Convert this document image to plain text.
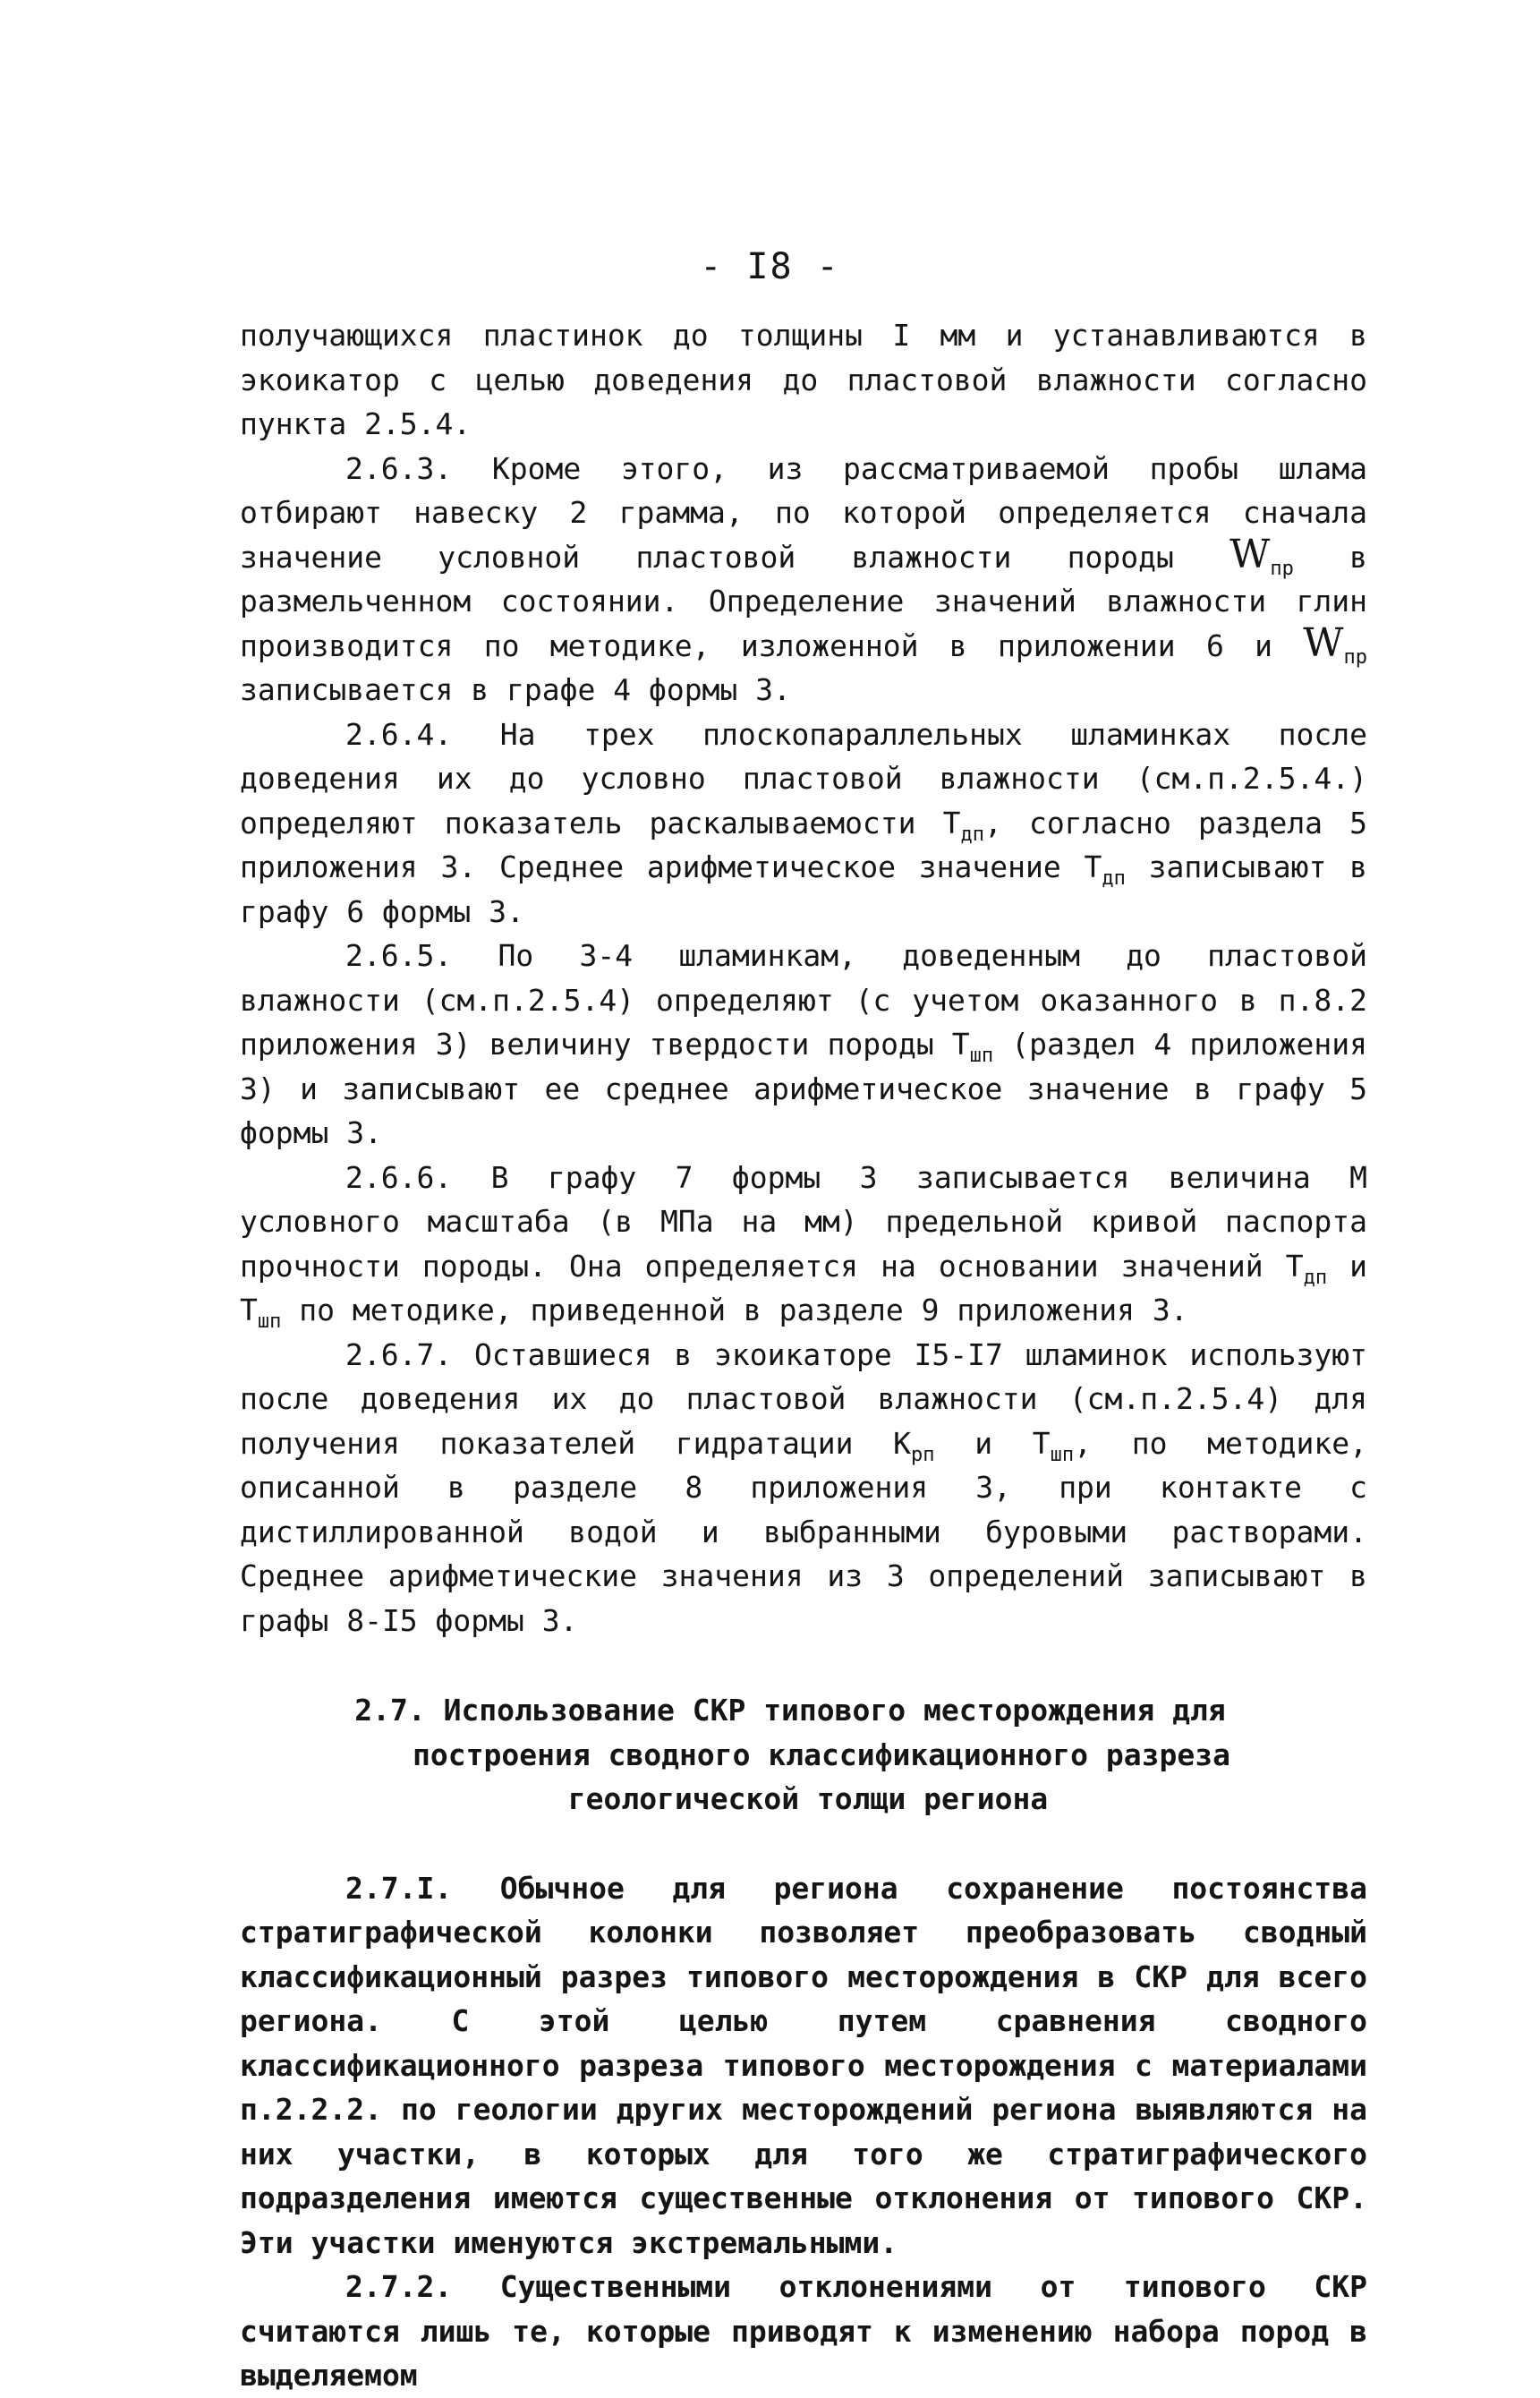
- I8 -

получающихся пластинок до толщины I мм и устанавливаются в экоикатор с целью доведения до пластовой влажности согласно пункта 2.5.4.

2.6.3. Кроме этого, из рассматриваемой пробы шлама отбирают навеску 2 грамма, по которой определяется сначала значение условной пластовой влажности породы $W_{пр}$ в размельченном состоянии. Определение значений влажности глин производится по методике, изложенной в приложении 6 и $W_{пр}$ записывается в графе 4 формы 3.

2.6.4. На трех плоскопараллельных шламинках после доведения их до условно пластовой влажности (см.п.2.5.4.) определяют показатель раскалываемости $Т_{дп}$, согласно раздела 5 приложения 3. Среднее арифметическое значение $Т_{дп}$ записывают в графу 6 формы 3.

2.6.5. По 3-4 шламинкам, доведенным до пластовой влажности (см.п.2.5.4) определяют (с учетом оказанного в п.8.2 приложения 3) величину твердости породы $Т_{шп}$ (раздел 4 приложения 3) и записывают ее среднее арифметическое значение в графу 5 формы 3.

2.6.6. В графу 7 формы 3 записывается величина М условного масштаба (в МПа на мм) предельной кривой паспорта прочности породы. Она определяется на основании значений $Т_{дп}$ и $Т_{шп}$ по методике, приведенной в разделе 9 приложения 3.

2.6.7. Оставшиеся в экоикаторе I5-I7 шламинок используют после доведения их до пластовой влажности (см.п.2.5.4) для получения показателей гидратации $К_{рп}$ и $Т_{шп}$, по методике, описанной в разделе 8 приложения 3, при контакте с дистиллированной водой и выбранными буровыми растворами. Среднее арифметические значения из 3 определений записывают в графы 8-I5 формы 3.

2.7. Использование СКР типового месторождения для
построения сводного классификационного разреза
геологической толщи региона

2.7.I. Обычное для региона сохранение постоянства стратиграфической колонки позволяет преобразовать сводный классификационный разрез типового месторождения в СКР для всего региона. С этой целью путем сравнения сводного классификационного разреза типового месторождения с материалами п.2.2.2. по геологии других месторождений региона выявляются на них участки, в которых для того же стратиграфического подразделения имеются существенные отклонения от типового СКР. Эти участки именуются экстремальными.

2.7.2. Существенными отклонениями от типового СКР считаются лишь те, которые приводят к изменению набора пород в выделяемом
